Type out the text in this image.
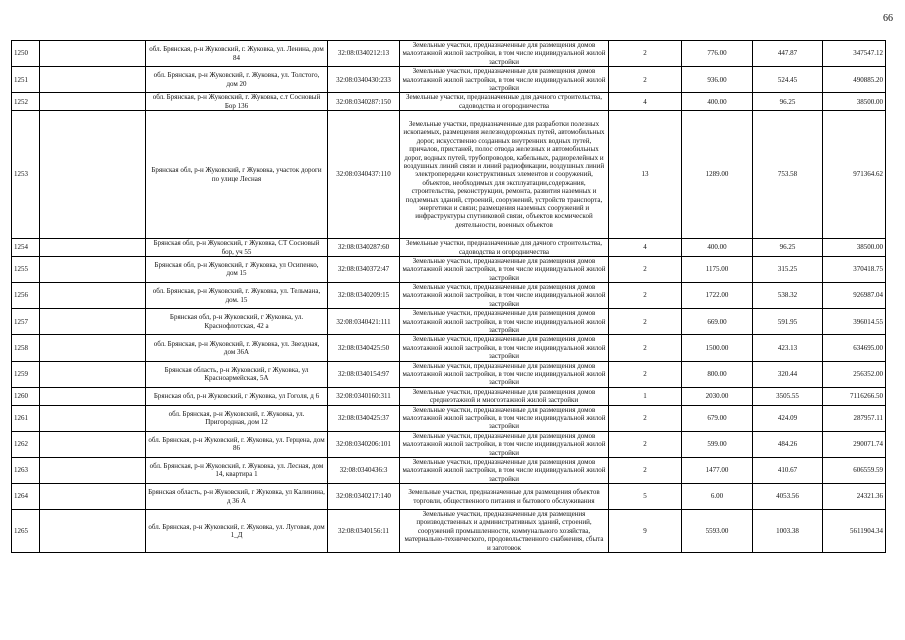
66
1250		обл. Брянская, р-н Жуковский, г. Жуковка, ул. Ленина, дом 84	32:08:0340212:13	Земельные участки, предназначенные для размещения домов малоэтажной жилой застройки, в том числе индивидуальной жилой застройки	2	776.00	447.87	347547.12
1251		обл. Брянская, р-н Жуковский, г. Жуковка, ул. Толстого, дом 20	32:08:0340430:233	Земельные участки, предназначенные для размещения домов малоэтажной жилой застройки, в том числе индивидуальной жилой застройки	2	936.00	524.45	490885.20
1252		обл. Брянская, р-н Жуковский, г. Жуковка, с.т Сосновый Бор 136	32:08:0340287:150	Земельные участки, предназначенные для дачного строительства, садоводства и огородничества	4	400.00	96.25	38500.00
1253		Брянская обл, р-н Жуковский, г Жуковка, участок дороги по улице Лесная	32:08:0340437:110	Земельные участки, предназначенные для разработки полезных ископаемых, размещения железнодорожных путей, автомобильных дорог, искусственно созданных внутренних водных путей, причалов, пристаней, полос отвода железных и автомобильных дорог, водных путей, трубопроводов, кабельных, радиорелейных и воздушных линий связи и линий радиофикации, воздушных линий электропередачи конструктивных элементов и сооружений, объектов, необходимых для эксплуатации,содержания, строительства, реконструкции, ремонта, развития наземных и подземных зданий, строений, сооружений, устройств транспорта, энергетики и связи; размещения наземных сооружений и инфраструктуры спутниковой связи, объектов космической деятельности, военных объектов	13	1289.00	753.58	971364.62
1254		Брянская обл, р-н Жуковский, г Жуковка, СТ Сосновый бор, уч 55	32:08:0340287:60	Земельные участки, предназначенные для дачного строительства, садоводства и огородничества	4	400.00	96.25	38500.00
1255		Брянская обл, р-н Жуковский, г Жуковка, ул Осипенко, дом 15	32:08:0340372:47	Земельные участки, предназначенные для размещения домов малоэтажной жилой застройки, в том числе индивидуальной жилой застройки	2	1175.00	315.25	370418.75
1256		обл. Брянская, р-н Жуковский, г. Жуковка, ул. Тельмана, дом. 15	32:08:0340209:15	Земельные участки, предназначенные для размещения домов малоэтажной жилой застройки, в том числе индивидуальной жилой застройки	2	1722.00	538.32	926987.04
1257		Брянская обл, р-н Жуковский, г Жуковка, ул. Краснофлотская, 42 а	32:08:0340421:111	Земельные участки, предназначенные для размещения домов малоэтажной жилой застройки, в том числе индивидуальной жилой застройки	2	669.00	591.95	396014.55
1258		обл. Брянская, р-н Жуковский, г. Жуковка, ул. Звездная, дом 36А	32:08:0340425:50	Земельные участки, предназначенные для размещения домов малоэтажной жилой застройки, в том числе индивидуальной жилой застройки	2	1500.00	423.13	634695.00
1259		Брянская область, р-н Жуковский, г Жуковка, ул Красноармейская, 5А	32:08:0340154:97	Земельные участки, предназначенные для размещения домов малоэтажной жилой застройки, в том числе индивидуальной жилой застройки	2	800.00	320.44	256352.00
1260		Брянская обл, р-н Жуковский, г Жуковка, ул Гоголя, д 6	32:08:0340160:311	Земельные участки, предназначенные для размещения домов среднеэтажной и многоэтажной жилой застройки	1	2030.00	3505.55	7116266.50
1261		обл. Брянская, р-н Жуковский, г. Жуковка, ул. Пригородная, дом 12	32:08:0340425:37	Земельные участки, предназначенные для размещения домов малоэтажной жилой застройки, в том числе индивидуальной жилой застройки	2	679.00	424.09	287957.11
1262		обл. Брянская, р-н Жуковский, г. Жуковка, ул. Герцена, дом 86	32:08:0340206:101	Земельные участки, предназначенные для размещения домов малоэтажной жилой застройки, в том числе индивидуальной жилой застройки	2	599.00	484.26	290071.74
1263		обл. Брянская, р-н Жуковский, г. Жуковка, ул. Лесная, дом 14, квартира 1	32:08:03404З6:3	Земельные участки, предназначенные для размещения домов малоэтажной жилой застройки, в том числе индивидуальной жилой застройки	2	1477.00	410.67	606559.59
1264		Брянская область, р-н Жуковский, г Жуковка, ул Калинина, д 36 А	32:08:0340217:140	Земельные участки, предназначенные для размещения объектов торговли, общественного питания и бытового обслуживания	5	6.00	4053.56	24321.36
1265		обл. Брянская, р-н Жуковский, г. Жуковка, ул. Луговая, дом 1_Д	32:08:0340156:11	Земельные участки, предназначенные для размещения производственных и административных зданий, строений, сооружений промышленности, коммунального хозяйства, материально-технического, продовольственного снабжения, сбыта и заготовок	9	5593.00	1003.38	5611904.34
